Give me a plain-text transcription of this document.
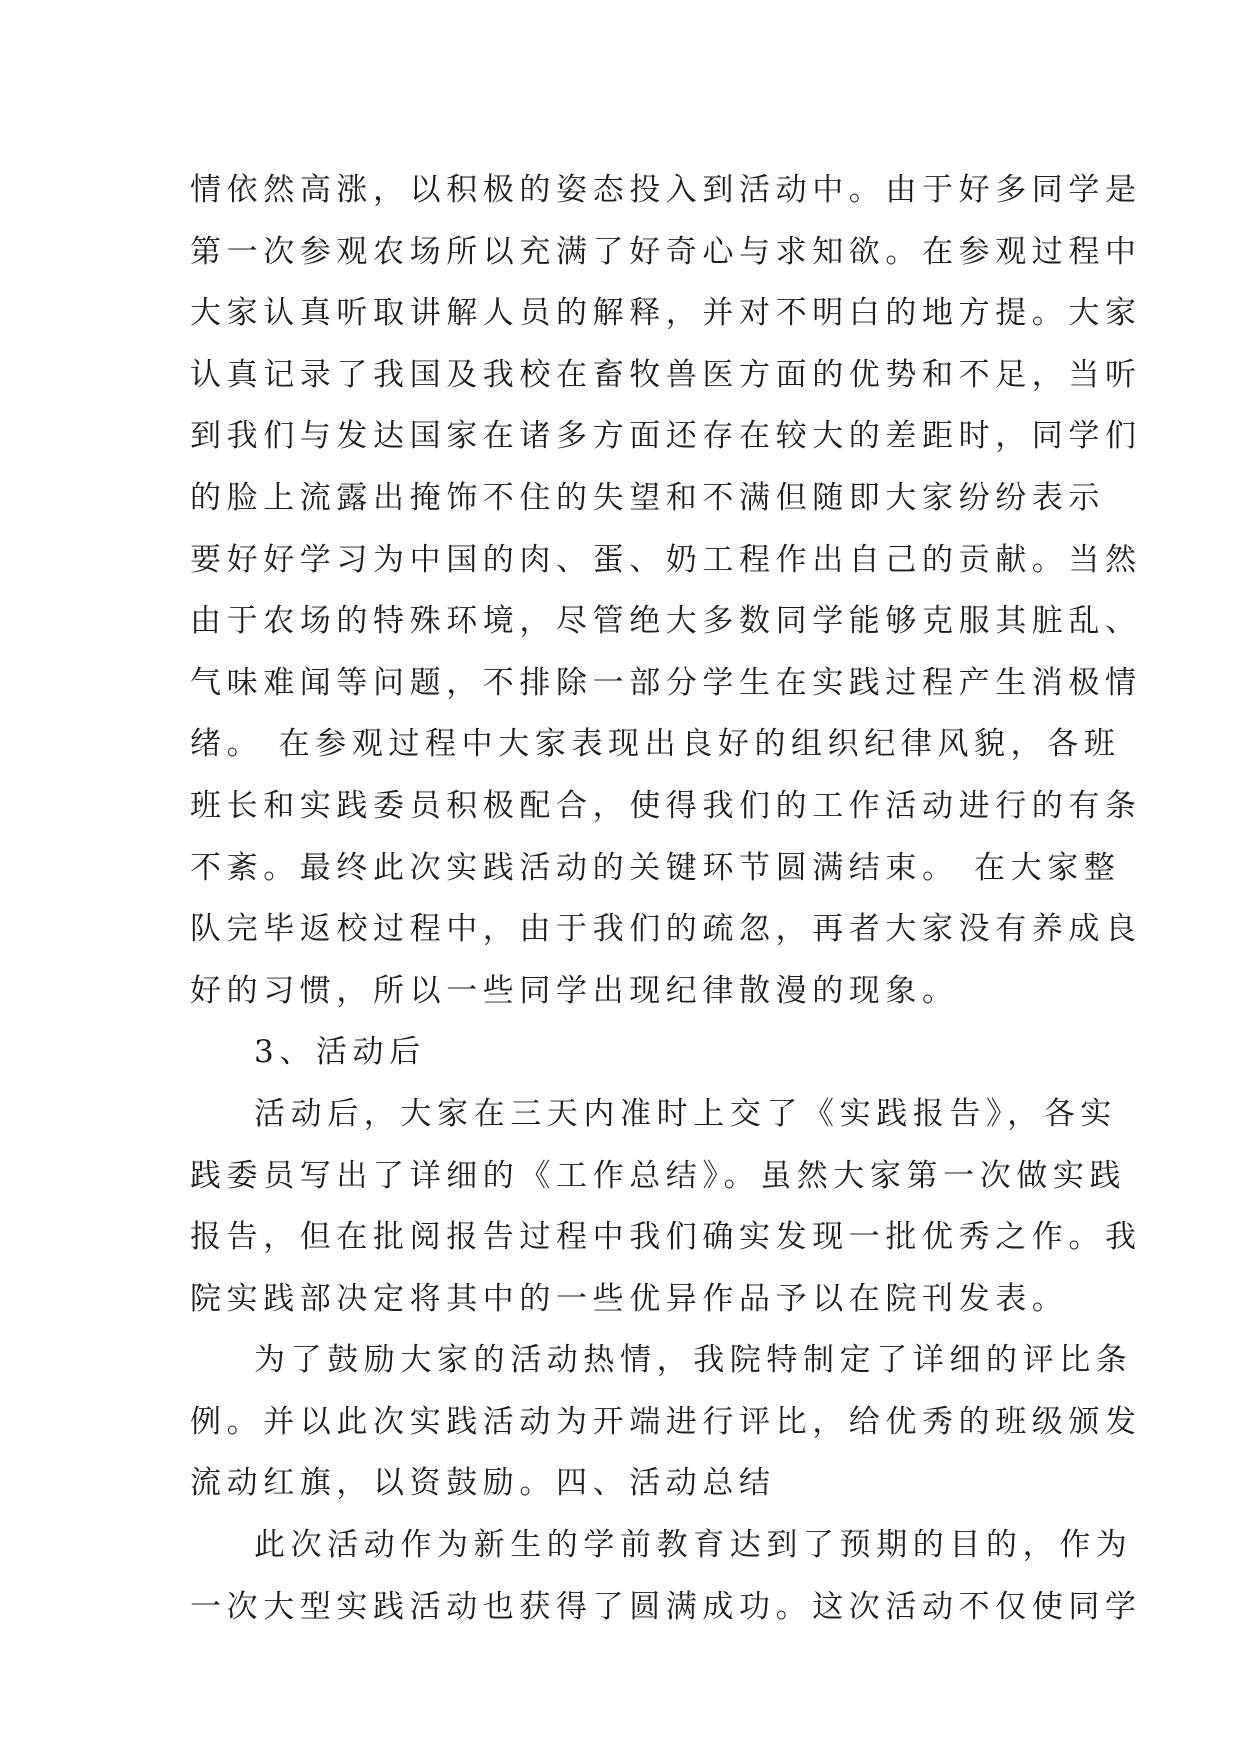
情依然高涨，以积极的姿态投入到活动中。由于好多同学是
第一次参观农场所以充满了好奇心与求知欲。在参观过程中
大家认真听取讲解人员的解释，并对不明白的地方提。大家
认真记录了我国及我校在畜牧兽医方面的优势和不足，当听
到我们与发达国家在诸多方面还存在较大的差距时，同学们
的脸上流露出掩饰不住的失望和不满但随即大家纷纷表示
要好好学习为中国的肉、蛋、奶工程作出自己的贡献。当然
由于农场的特殊环境，尽管绝大多数同学能够克服其脏乱、
气味难闻等问题，不排除一部分学生在实践过程产生消极情
绪。 在参观过程中大家表现出良好的组织纪律风貌，各班
班长和实践委员积极配合，使得我们的工作活动进行的有条
不紊。最终此次实践活动的关键环节圆满结束。 在大家整
队完毕返校过程中，由于我们的疏忽，再者大家没有养成良
好的习惯，所以一些同学出现纪律散漫的现象。
3、活动后
活动后，大家在三天内准时上交了《实践报告》，各实
践委员写出了详细的《工作总结》。虽然大家第一次做实践
报告，但在批阅报告过程中我们确实发现一批优秀之作。我
院实践部决定将其中的一些优异作品予以在院刊发表。
为了鼓励大家的活动热情，我院特制定了详细的评比条
例。并以此次实践活动为开端进行评比，给优秀的班级颁发
流动红旗，以资鼓励。四、活动总结
此次活动作为新生的学前教育达到了预期的目的，作为
一次大型实践活动也获得了圆满成功。这次活动不仅使同学
